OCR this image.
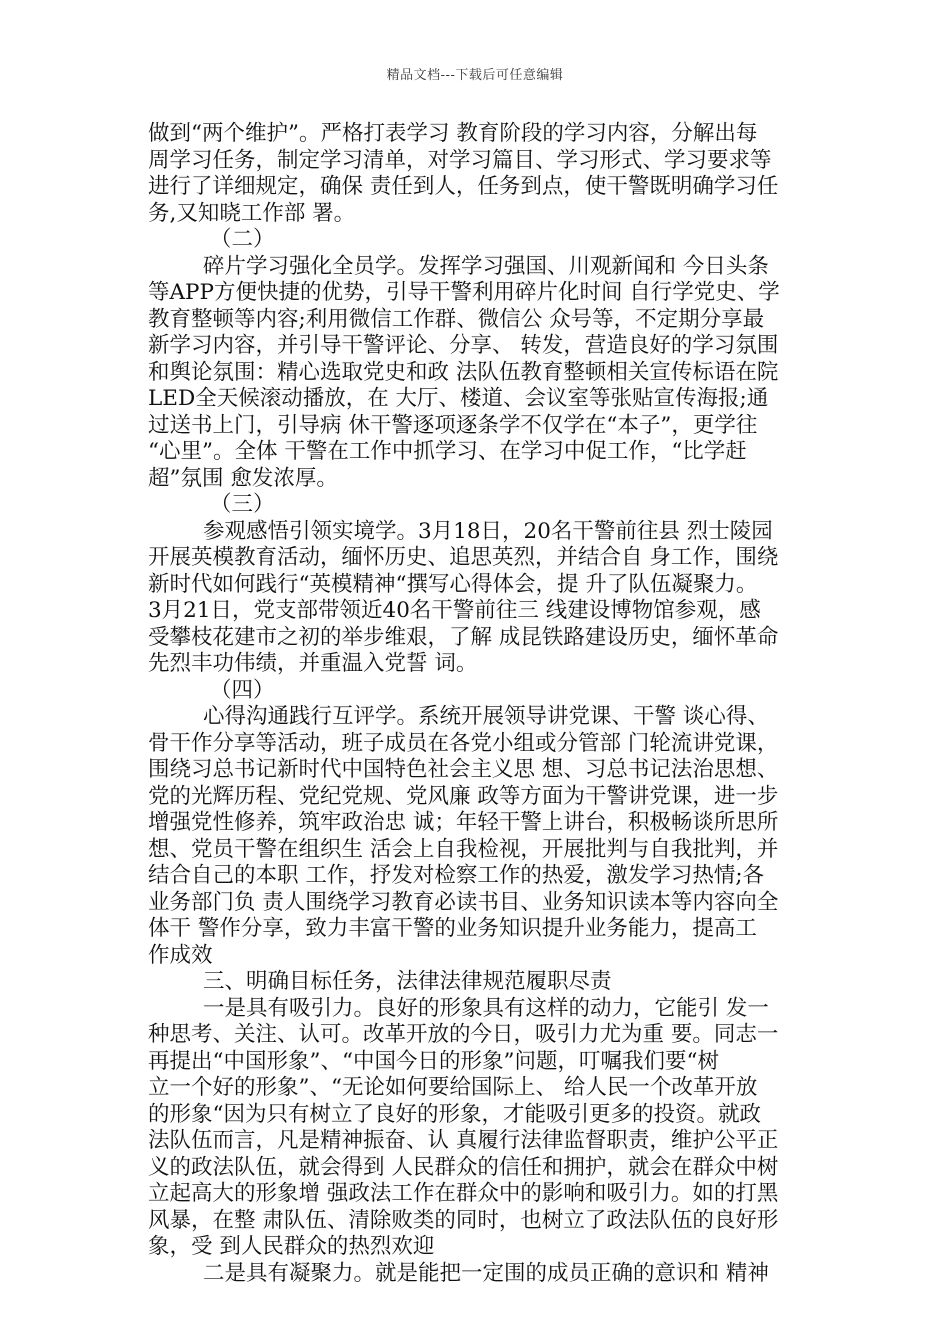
精品文档---下载后可任意编辑
做到“两个维护”。严格打表学习 教育阶段的学习内容，分解出每
周学习任务，制定学习清单，对学习篇目、学习形式、学习要求等
进行了详细规定，确保 责任到人，任务到点，使干警既明确学习任
务,又知晓工作部 署。
（二）
碎片学习强化全员学。发挥学习强国、川观新闻和 今日头条
等APP方便快捷的优势，引导干警利用碎片化时间 自行学党史、学
教育整顿等内容;利用微信工作群、微信公 众号等，不定期分享最
新学习内容，并引导干警评论、分享、 转发，营造良好的学习氛围
和舆论氛围：精心选取党史和政 法队伍教育整顿相关宣传标语在院
LED全天候滚动播放，在 大厅、楼道、会议室等张贴宣传海报;通
过送书上门，引导病 休干警逐项逐条学不仅学在“本子”，更学往
“心里”。全体 干警在工作中抓学习、在学习中促工作，“比学赶
超”氛围 愈发浓厚。
（三）
参观感悟引领实境学。3月18日，20名干警前往县 烈士陵园
开展英模教育活动，缅怀历史、追思英烈，并结合自 身工作，围绕
新时代如何践行“英模精神“撰写心得体会，提 升了队伍凝聚力。
3月21日，党支部带领近40名干警前往三 线建设博物馆参观，感
受攀枝花建市之初的举步维艰，了解 成昆铁路建设历史，缅怀革命
先烈丰功伟绩，并重温入党誓 词。
（四）
心得沟通践行互评学。系统开展领导讲党课、干警 谈心得、
骨干作分享等活动，班子成员在各党小组或分管部 门轮流讲党课，
围绕习总书记新时代中国特色社会主义思 想、习总书记法治思想、
党的光辉历程、党纪党规、党风廉 政等方面为干警讲党课，进一步
增强党性修养，筑牢政治忠 诚；年轻干警上讲台，积极畅谈所思所
想、党员干警在组织生 活会上自我检视，开展批判与自我批判，并
结合自己的本职 工作，抒发对检察工作的热爱，激发学习热情;各
业务部门负 责人围绕学习教育必读书目、业务知识读本等内容向全
体干 警作分享，致力丰富干警的业务知识提升业务能力，提高工
作成效
三、明确目标任务，法律法律规范履职尽责
一是具有吸引力。良好的形象具有这样的动力，它能引 发一
种思考、关注、认可。改革开放的今日，吸引力尤为重 要。同志一
再提出“中国形象”、“中国今日的形象”问题，叮嘱我们要“树
立一个好的形象”、“无论如何要给国际上、 给人民一个改革开放
的形象“因为只有树立了良好的形象，才能吸引更多的投资。就政
法队伍而言，凡是精神振奋、认 真履行法律监督职责，维护公平正
义的政法队伍，就会得到 人民群众的信任和拥护，就会在群众中树
立起高大的形象增 强政法工作在群众中的影响和吸引力。如的打黑
风暴，在整 肃队伍、清除败类的同时，也树立了政法队伍的良好形
象，受 到人民群众的热烈欢迎
二是具有凝聚力。就是能把一定围的成员正确的意识和 精神
